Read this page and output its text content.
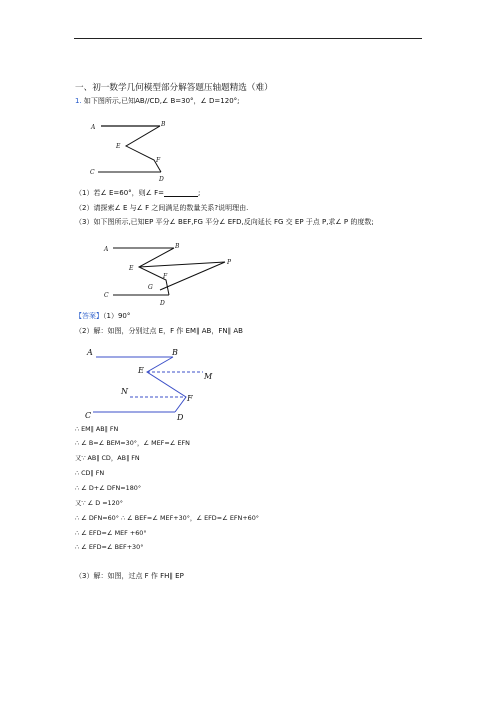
一、初一数学几何模型部分解答题压轴题精选（难）
1. 如下图所示,已知AB//CD,∠ B=30°，∠ D=120°;
A	B
E
F
C
D
（1）若∠ E=60°，则∠ F=	;
（2）请探索∠ E 与∠ F 之间满足的数量关系?说明理由.
（3）如下图所示,已知EP 平分∠ BEF,FG 平分∠ EFD,反向延长 FG 交 EP 于点 P,求∠ P 的度数;
A	B
E
F
P
G
C
D
【答案】（1）90°
（2）解：如图，分别过点 E，F 作 EM∥ AB，FN∥ AB
A	B
E
M
N
F
C	D
∴ EM∥ AB∥ FN
∴ ∠ B=∠ BEM=30°，∠ MEF=∠ EFN
又∵ AB∥ CD，AB∥ FN
∴ CD∥ FN
∴ ∠ D+∠ DFN=180°
又∵ ∠ D =120°
∴ ∠ DFN=60° ∴ ∠ BEF=∠ MEF+30°，∠ EFD=∠ EFN+60°
∴ ∠ EFD=∠ MEF +60°
∴ ∠ EFD=∠ BEF+30°
（3）解：如图，过点 F 作 FH∥ EP
